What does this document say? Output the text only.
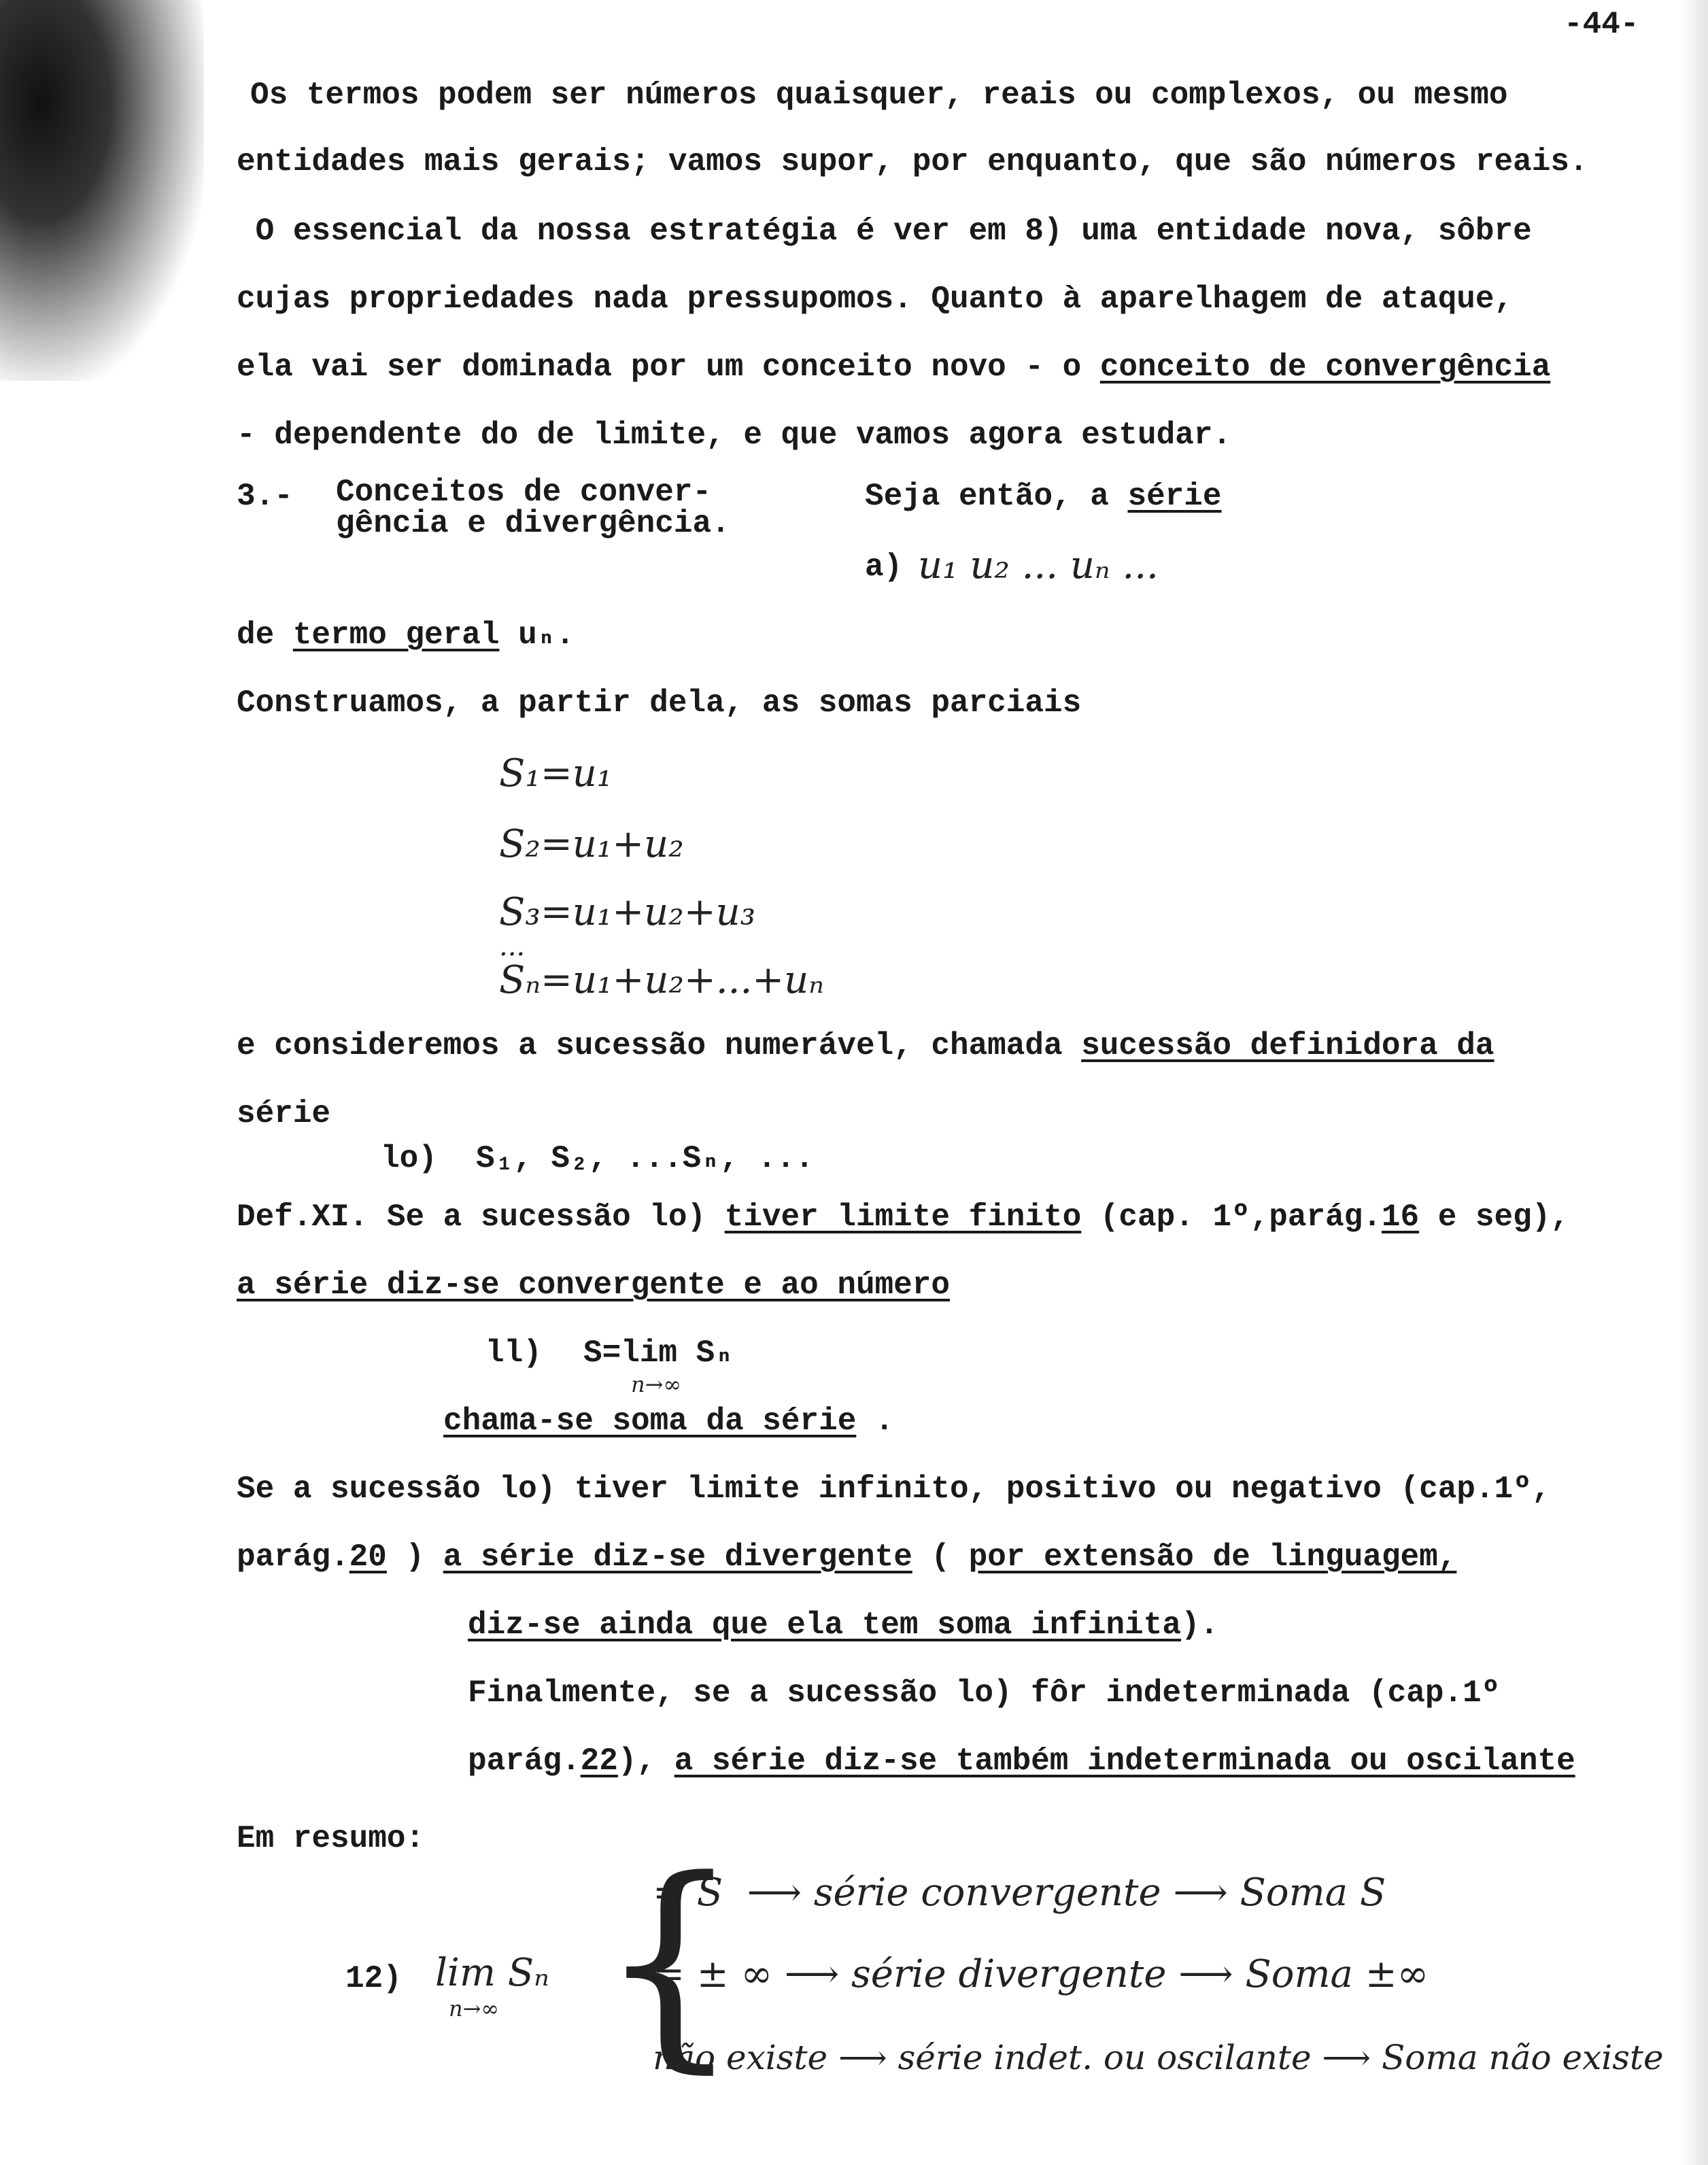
-44-
Os termos podem ser números quaisquer, reais ou complexos, ou mesmo
entidades mais gerais; vamos supor, por enquanto, que são números reais.
O essencial da nossa estratégia é ver em 8) uma entidade nova, sôbre
cujas propriedades nada pressupomos. Quanto à aparelhagem de ataque,
ela vai ser dominada por um conceito novo - o conceito de convergência
- dependente do de limite, e que vamos agora estudar.
3.- Conceitos de conver-
gência e divergência.
Seja então, a série
a) u₁ u₂ ... uₙ ...
de termo geral uₙ.
Construamos, a partir dela, as somas parciais
S₁=u₁
S₂=u₁+u₂
S₃=u₁+u₂+u₃
...
Sₙ=u₁+u₂+...+uₙ
e consideremos a sucessão numerável, chamada sucessão definidora da
série
lo) S₁, S₂, ...Sₙ, ...
Def.XI. Se a sucessão lo) tiver limite finito (cap. 1º,parág.16 e seg),
a série diz-se convergente e ao número
ll) S=lim Sₙ
n→∞
chama-se soma da série .
Se a sucessão lo) tiver limite infinito, positivo ou negativo (cap.1º,
parág.20 ) a série diz-se divergente ( por extensão de linguagem,
diz-se ainda que ela tem soma infinita).
Finalmente, se a sucessão lo) fôr indeterminada (cap.1º
parág.22), a série diz-se também indeterminada ou oscilante
Em resumo:
12) lim Sₙ
n→∞ {
= S  ⟶ série convergente ⟶ Soma S
= ± ∞ ⟶ série divergente ⟶ Soma ±∞
não existe ⟶ série indet. ou oscilante ⟶ Soma não existe
